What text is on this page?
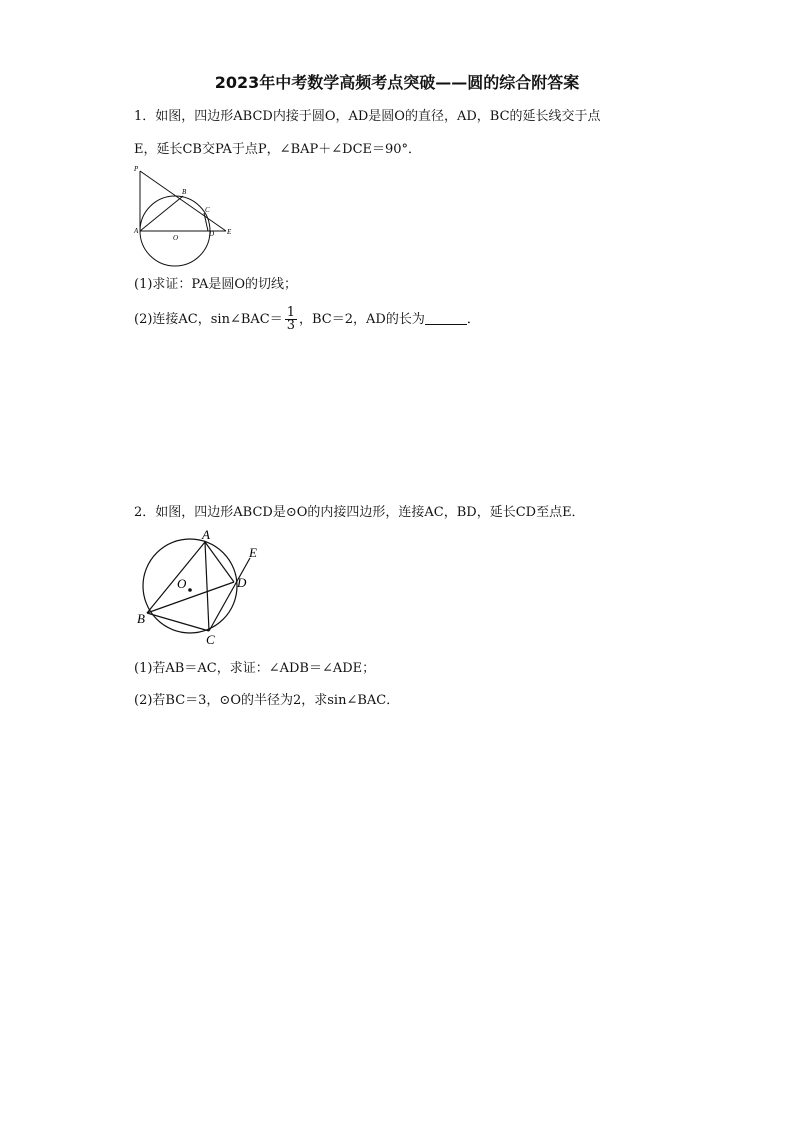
2023年中考数学高频考点突破——圆的综合附答案
1．如图，四边形ABCD内接于圆O，AD是圆O的直径，AD，BC的延长线交于点
E，延长CB交PA于点P，∠BAP＋∠DCE＝90°．
P
B
C
A
O	D E
(1)求证：PA是圆O的切线；
(2)连接AC，sin∠BAC＝ $\frac{1}{3}$ ，BC＝2，AD的长为	．
2．如图，四边形ABCD是⊙O的内接四边形，连接AC，BD，延长CD至点E．
A
B
C
D
E
O
(1)若AB＝AC，求证：∠ADB＝∠ADE；
(2)若BC＝3，⊙O的半径为2，求sin∠BAC．
